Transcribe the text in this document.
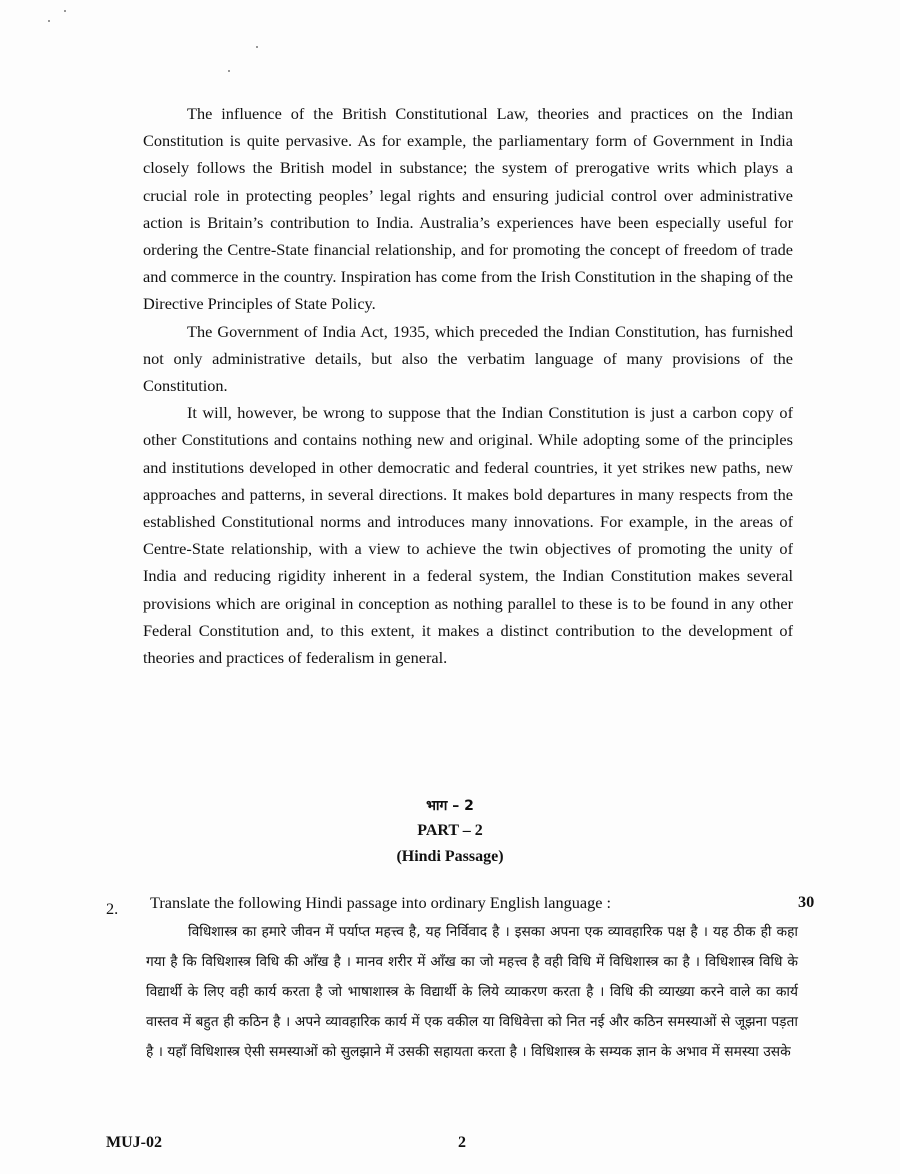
The influence of the British Constitutional Law, theories and practices on the Indian Constitution is quite pervasive. As for example, the parliamentary form of Government in India closely follows the British model in substance; the system of prerogative writs which plays a crucial role in protecting peoples’ legal rights and ensuring judicial control over administrative action is Britain’s contribution to India. Australia’s experiences have been especially useful for ordering the Centre-State financial relationship, and for promoting the concept of freedom of trade and commerce in the country. Inspiration has come from the Irish Constitution in the shaping of the Directive Principles of State Policy.

The Government of India Act, 1935, which preceded the Indian Constitution, has furnished not only administrative details, but also the verbatim language of many provisions of the Constitution.

It will, however, be wrong to suppose that the Indian Constitution is just a carbon copy of other Constitutions and contains nothing new and original. While adopting some of the principles and institutions developed in other democratic and federal countries, it yet strikes new paths, new approaches and patterns, in several directions. It makes bold departures in many respects from the established Constitutional norms and introduces many innovations. For example, in the areas of Centre-State relationship, with a view to achieve the twin objectives of promoting the unity of India and reducing rigidity inherent in a federal system, the Indian Constitution makes several provisions which are original in conception as nothing parallel to these is to be found in any other Federal Constitution and, to this extent, it makes a distinct contribution to the development of theories and practices of federalism in general.

भाग – 2
PART – 2
(Hindi Passage)
2. Translate the following Hindi passage into ordinary English language :	30

विधिशास्त्र का हमारे जीवन में पर्याप्त महत्त्व है, यह निर्विवाद है । इसका अपना एक व्यावहारिक पक्ष है । यह ठीक ही कहा गया है कि विधिशास्त्र विधि की आँख है । मानव शरीर में आँख का जो महत्त्व है वही विधि में विधिशास्त्र का है । विधिशास्त्र विधि के विद्यार्थी के लिए वही कार्य करता है जो भाषाशास्त्र के विद्यार्थी के लिये व्याकरण करता है । विधि की व्याख्या करने वाले का कार्य वास्तव में बहुत ही कठिन है । अपने व्यावहारिक कार्य में एक वकील या विधिवेत्ता को नित नई और कठिन समस्याओं से जूझना पड़ता है । यहाँ विधिशास्त्र ऐसी समस्याओं को सुलझाने में उसकी सहायता करता है । विधिशास्त्र के सम्यक ज्ञान के अभाव में समस्या उसके

MUJ-02	2
